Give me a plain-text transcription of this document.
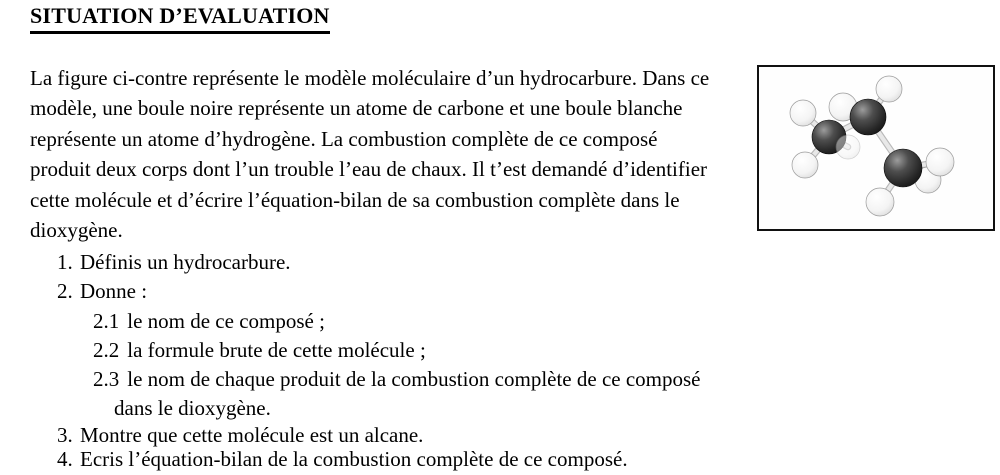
SITUATION D’EVALUATION
La figure ci-contre représente le modèle moléculaire d’un hydrocarbure. Dans ce
modèle, une boule noire représente un atome de carbone et une boule blanche
représente un atome d’hydrogène. La combustion complète de ce composé
produit deux corps dont l’un trouble l’eau de chaux. Il t’est demandé d’identifier
cette molécule et d’écrire l’équation-bilan de sa combustion complète dans le
dioxygène.
1. Définis un hydrocarbure.
2. Donne :
2.1 le nom de ce composé ;
2.2 la formule brute de cette molécule ;
2.3 le nom de chaque produit de la combustion complète de ce composé
dans le dioxygène.
3. Montre que cette molécule est un alcane.
4. Ecris l’équation-bilan de la combustion complète de ce composé.
